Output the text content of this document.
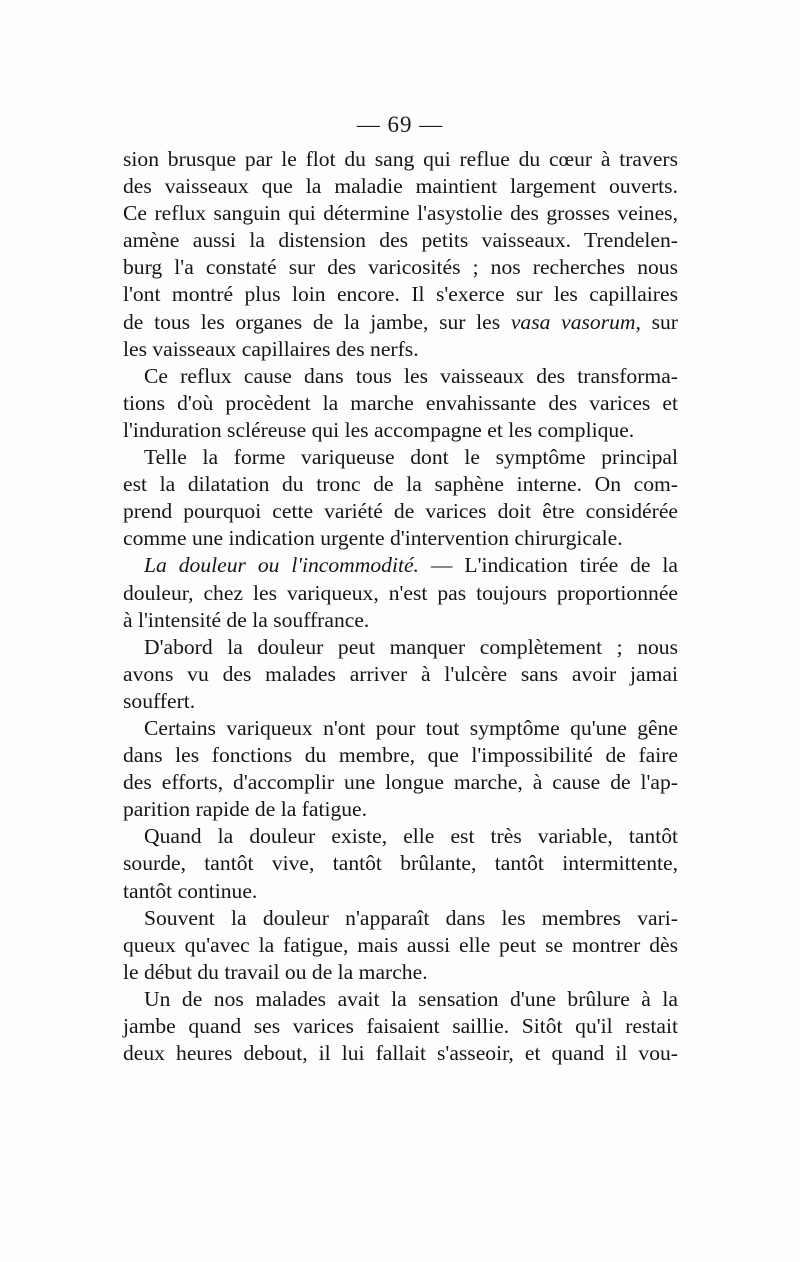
— 69 —
sion brusque par le flot du sang qui reflue du cœur à travers
des vaisseaux que la maladie maintient largement ouverts.
Ce reflux sanguin qui détermine l'asystolie des grosses veines,
amène aussi la distension des petits vaisseaux. Trendelen-
burg l'a constaté sur des varicosités ; nos recherches nous
l'ont montré plus loin encore. Il s'exerce sur les capillaires
de tous les organes de la jambe, sur les vasa vasorum, sur
les vaisseaux capillaires des nerfs.
Ce reflux cause dans tous les vaisseaux des transforma-
tions d'où procèdent la marche envahissante des varices et
l'induration scléreuse qui les accompagne et les complique.
Telle la forme variqueuse dont le symptôme principal
est la dilatation du tronc de la saphène interne. On com-
prend pourquoi cette variété de varices doit être considérée
comme une indication urgente d'intervention chirurgicale.
La douleur ou l'incommodité. — L'indication tirée de la
douleur, chez les variqueux, n'est pas toujours proportionnée
à l'intensité de la souffrance.
D'abord la douleur peut manquer complètement ; nous
avons vu des malades arriver à l'ulcère sans avoir jamai
souffert.
Certains variqueux n'ont pour tout symptôme qu'une gêne
dans les fonctions du membre, que l'impossibilité de faire
des efforts, d'accomplir une longue marche, à cause de l'ap-
parition rapide de la fatigue.
Quand la douleur existe, elle est très variable, tantôt
sourde, tantôt vive, tantôt brûlante, tantôt intermittente,
tantôt continue.
Souvent la douleur n'apparaît dans les membres vari-
queux qu'avec la fatigue, mais aussi elle peut se montrer dès
le début du travail ou de la marche.
Un de nos malades avait la sensation d'une brûlure à la
jambe quand ses varices faisaient saillie. Sitôt qu'il restait
deux heures debout, il lui fallait s'asseoir, et quand il vou-
